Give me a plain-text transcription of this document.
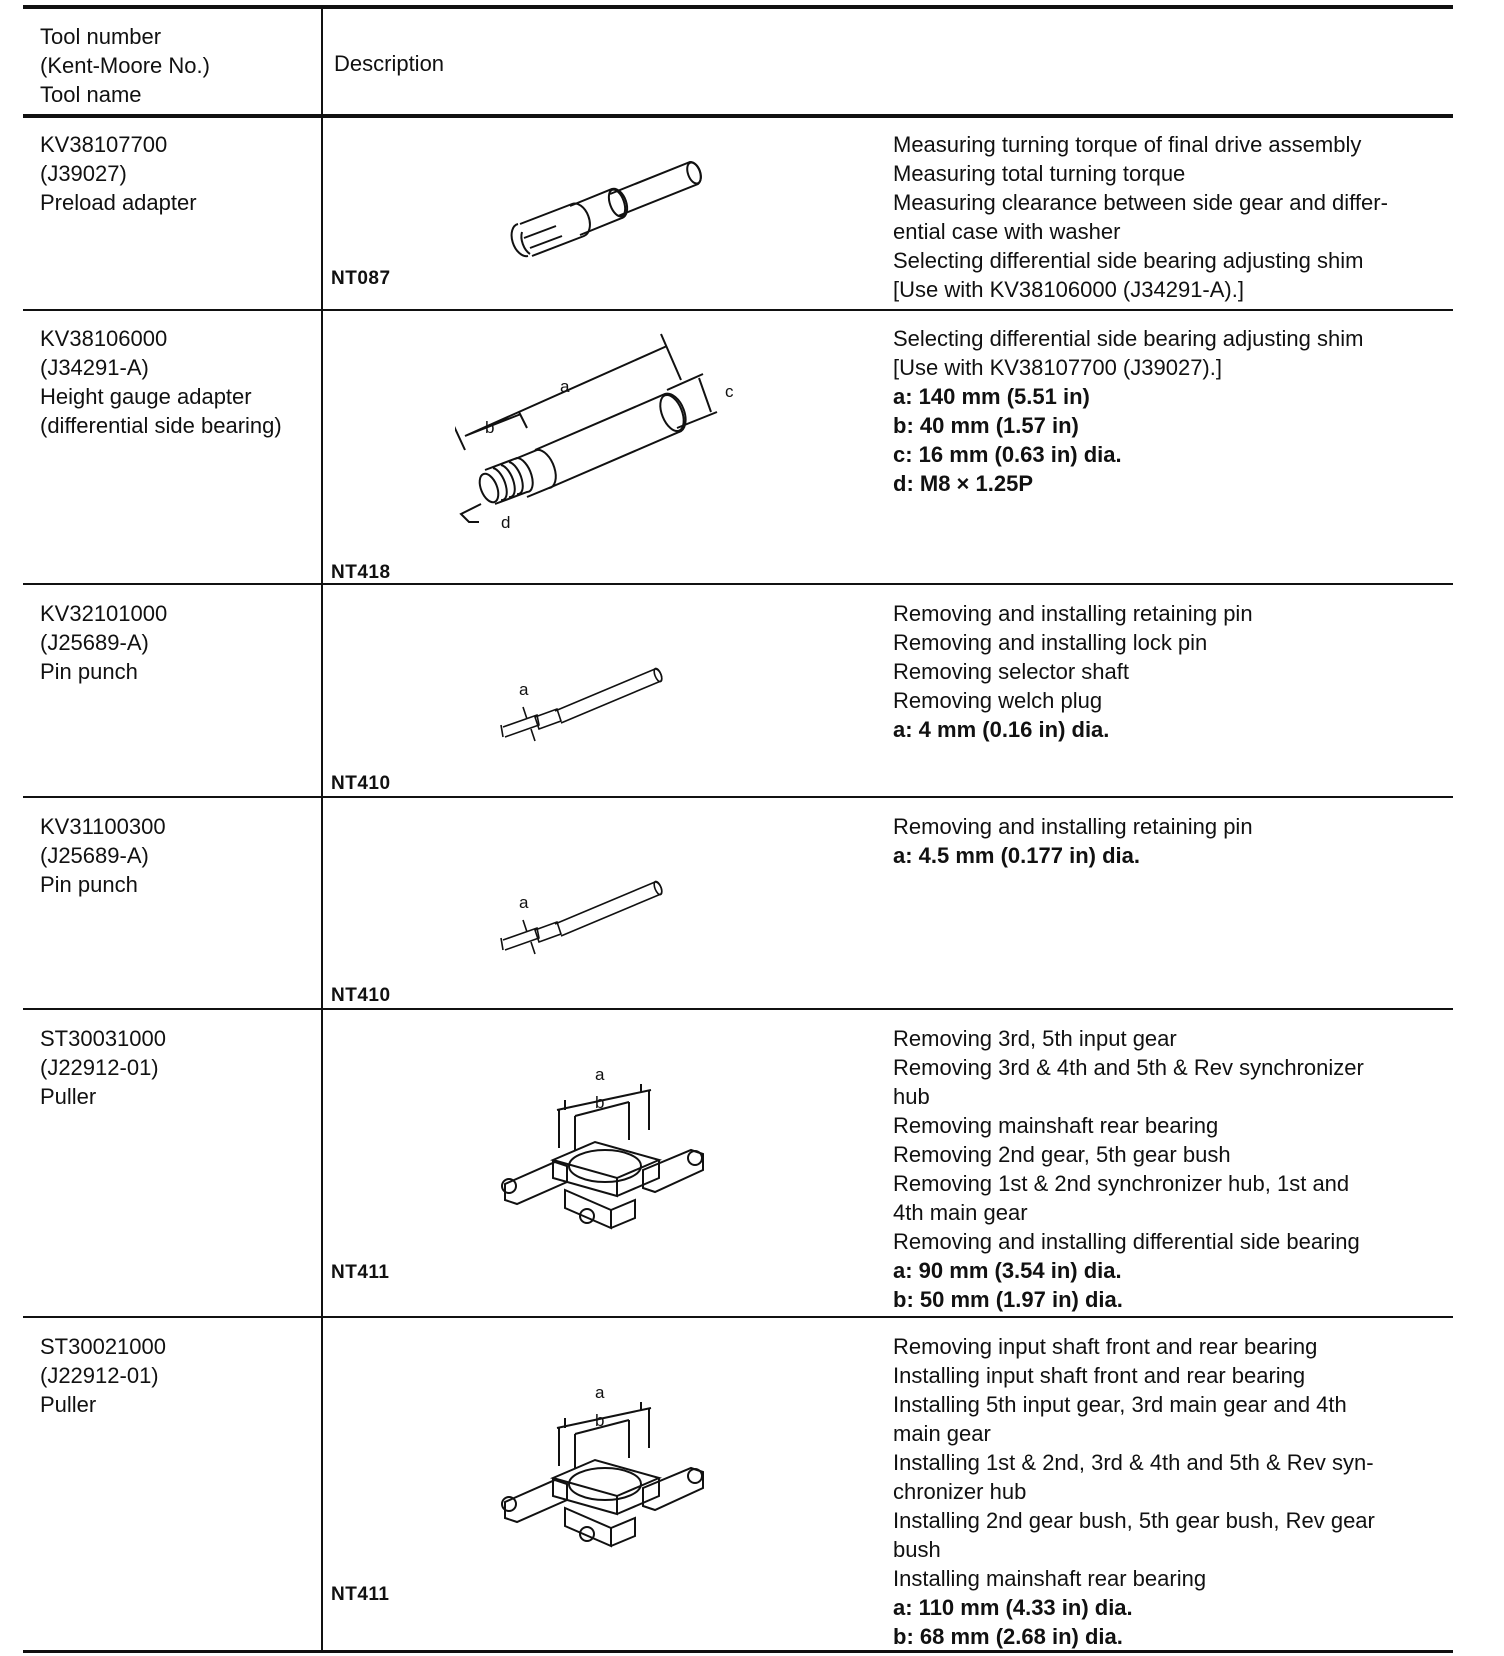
Tool number
(Kent-Moore No.)
Tool name
Description
KV38107700
(J39027)
Preload adapter
NT087
Measuring turning torque of final drive assembly
Measuring total turning torque
Measuring clearance between side gear and differ-
ential case with washer
Selecting differential side bearing adjusting shim
[Use with KV38106000 (J34291-A).]
KV38106000
(J34291-A)
Height gauge adapter
(differential side bearing)
NT418
a
b
c
d
Selecting differential side bearing adjusting shim
[Use with KV38107700 (J39027).]
a: 140 mm (5.51 in)
b: 40 mm (1.57 in)
c: 16 mm (0.63 in) dia.
d: M8 × 1.25P
KV32101000
(J25689-A)
Pin punch
NT410
a
Removing and installing retaining pin
Removing and installing lock pin
Removing selector shaft
Removing welch plug
a: 4 mm (0.16 in) dia.
KV31100300
(J25689-A)
Pin punch
NT410
a
Removing and installing retaining pin
a: 4.5 mm (0.177 in) dia.
ST30031000
(J22912-01)
Puller
NT411
a
b
Removing 3rd, 5th input gear
Removing 3rd & 4th and 5th & Rev synchronizer
hub
Removing mainshaft rear bearing
Removing 2nd gear, 5th gear bush
Removing 1st & 2nd synchronizer hub, 1st and
4th main gear
Removing and installing differential side bearing
a: 90 mm (3.54 in) dia.
b: 50 mm (1.97 in) dia.
ST30021000
(J22912-01)
Puller
NT411
a
b
Removing input shaft front and rear bearing
Installing input shaft front and rear bearing
Installing 5th input gear, 3rd main gear and 4th
main gear
Installing 1st & 2nd, 3rd & 4th and 5th & Rev syn-
chronizer hub
Installing 2nd gear bush, 5th gear bush, Rev gear
bush
Installing mainshaft rear bearing
a: 110 mm (4.33 in) dia.
b: 68 mm (2.68 in) dia.
